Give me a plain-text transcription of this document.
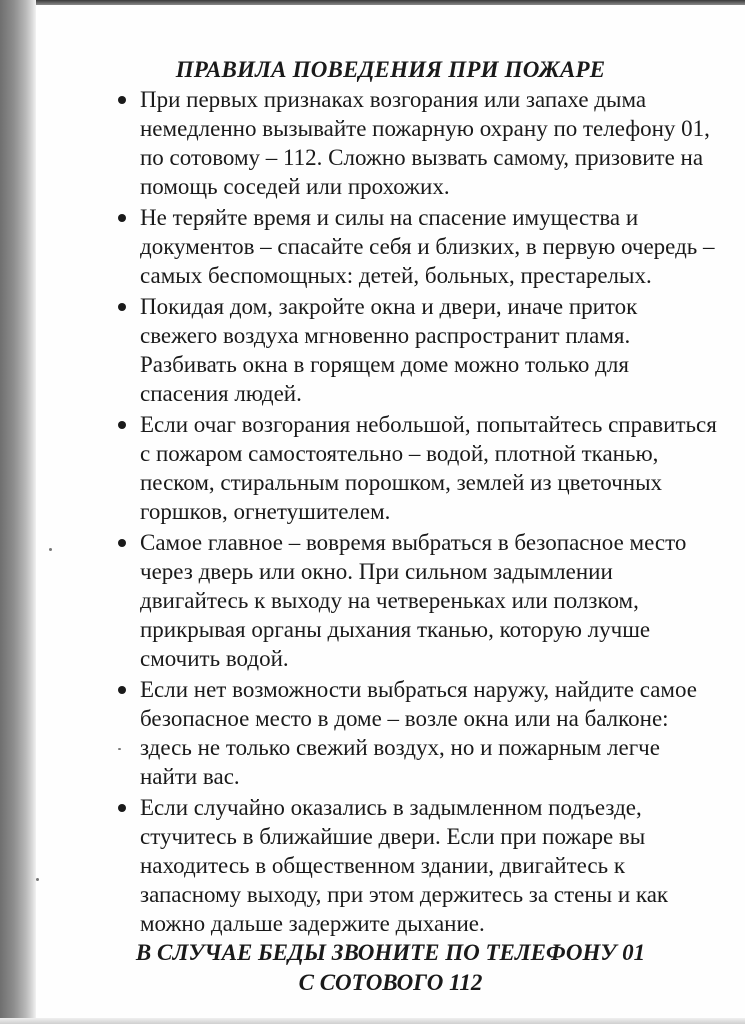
ПРАВИЛА ПОВЕДЕНИЯ ПРИ ПОЖАРЕ
При первых признаках возгорания или запахе дыма немедленно вызывайте пожарную охрану по телефону 01, по сотовому – 112. Сложно вызвать самому, призовите на помощь соседей или прохожих.
Не теряйте время и силы на спасение имущества и документов – спасайте себя и близких, в первую очередь – самых беспомощных: детей, больных, престарелых.
Покидая дом, закройте окна и двери, иначе приток свежего воздуха мгновенно распространит пламя. Разбивать окна в горящем доме можно только для спасения людей.
Если очаг возгорания небольшой, попытайтесь справиться с пожаром самостоятельно – водой, плотной тканью, песком, стиральным порошком, землей из цветочных горшков, огнетушителем.
Самое главное – вовремя выбраться в безопасное место через дверь или окно. При сильном задымлении двигайтесь к выходу на четвереньках или ползком, прикрывая органы дыхания тканью, которую лучше смочить водой.
Если нет возможности выбраться наружу, найдите самое безопасное место в доме – возле окна или на балконе: здесь не только свежий воздух, но и пожарным легче найти вас.
Если случайно оказались в задымленном подъезде, стучитесь в ближайшие двери. Если при пожаре вы находитесь в общественном здании, двигайтесь к запасному выходу, при этом держитесь за стены и как можно дальше задержите дыхание.
В СЛУЧАЕ БЕДЫ ЗВОНИТЕ ПО ТЕЛЕФОНУ 01
С СОТОВОГО 112
